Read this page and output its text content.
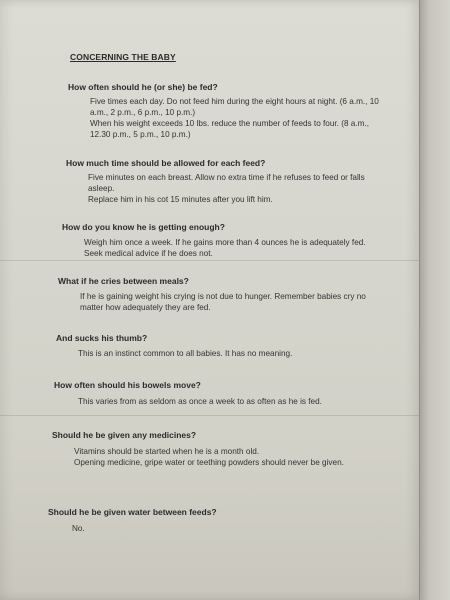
CONCERNING THE BABY
How often should he (or she) be fed?

Five times each day. Do not feed him during the eight hours at night. (6 a.m., 10 a.m., 2 p.m., 6 p.m., 10 p.m.)

When his weight exceeds 10 lbs. reduce the number of feeds to four. (8 a.m., 12.30 p.m., 5 p.m., 10 p.m.)

How much time should be allowed for each feed?

Five minutes on each breast. Allow no extra time if he refuses to feed or falls asleep.

Replace him in his cot 15 minutes after you lift him.

How do you know he is getting enough?

Weigh him once a week. If he gains more than 4 ounces he is adequately fed. Seek medical advice if he does not.

What if he cries between meals?

If he is gaining weight his crying is not due to hunger. Remember babies cry no matter how adequately they are fed.

And sucks his thumb?

This is an instinct common to all babies. It has no meaning.

How often should his bowels move?

This varies from as seldom as once a week to as often as he is fed.

Should he be given any medicines?

Vitamins should be started when he is a month old.

Opening medicine, gripe water or teething powders should never be given.

Should he be given water between feeds?

No.
